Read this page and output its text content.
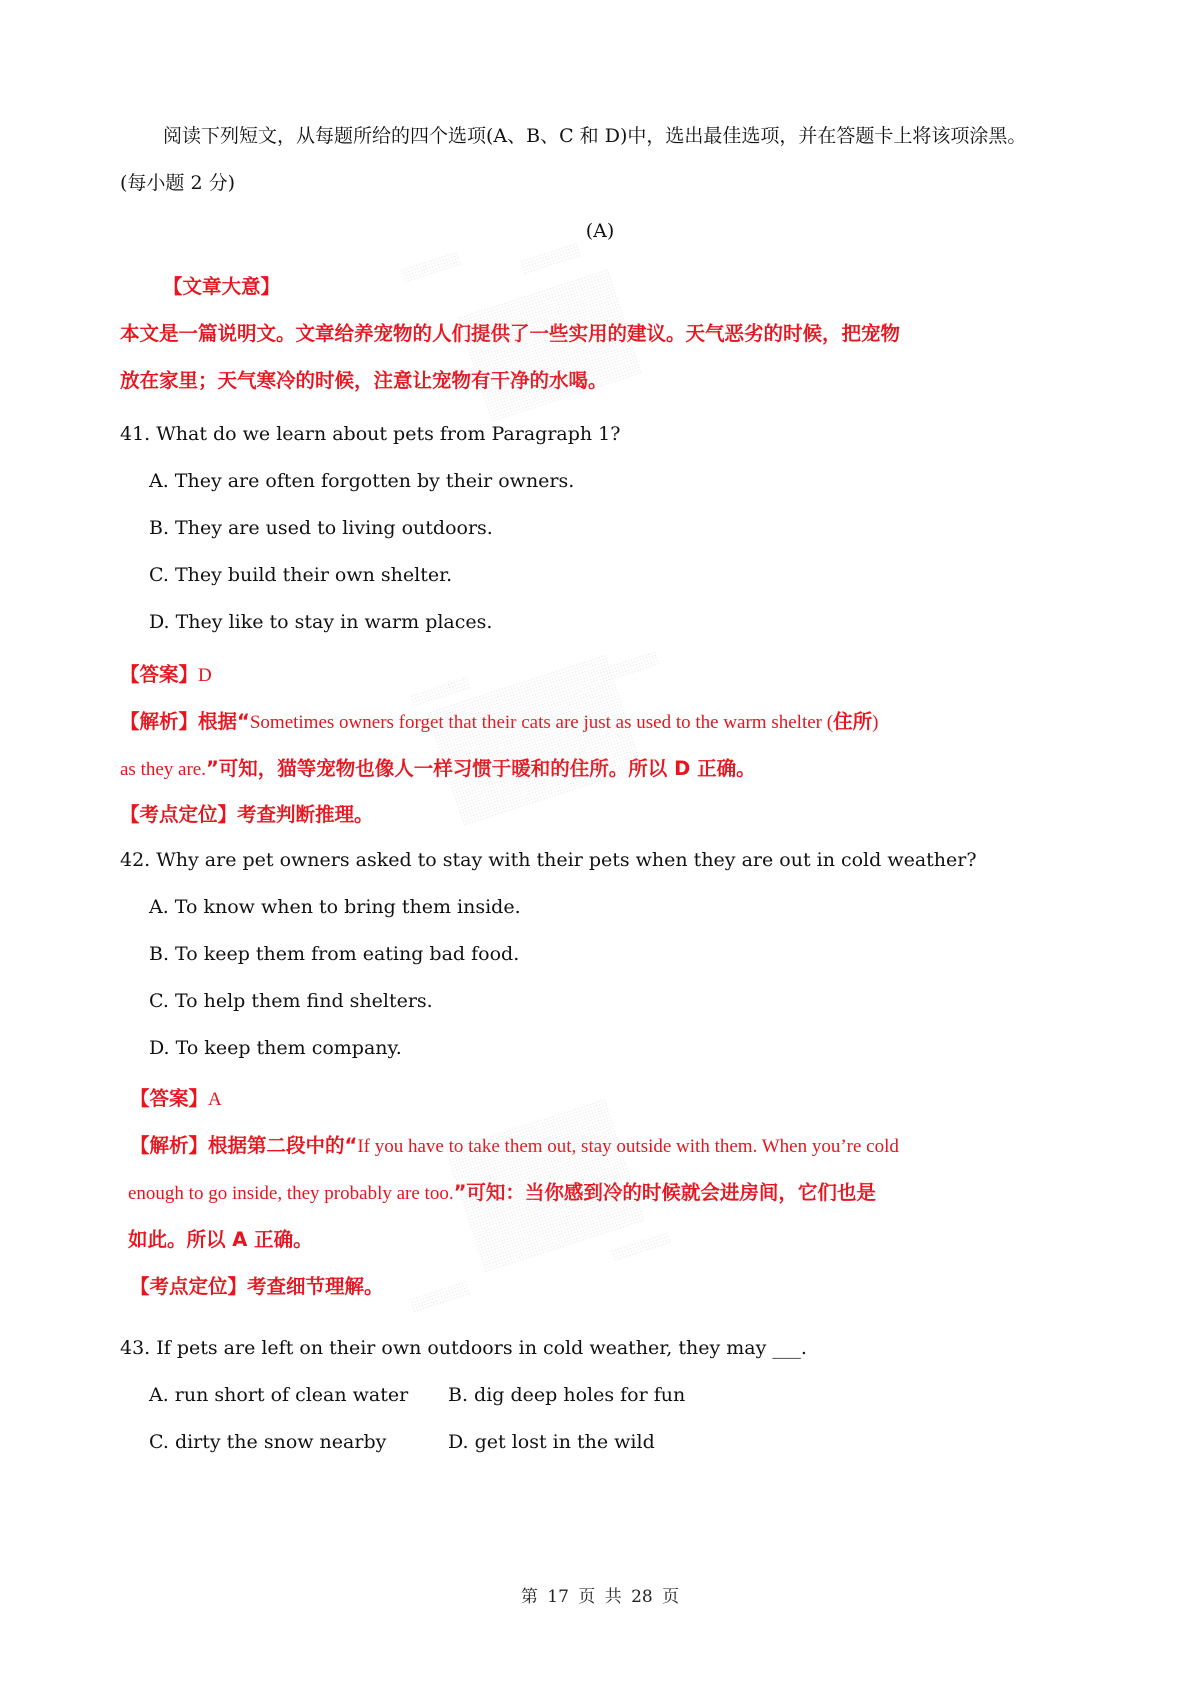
阅读下列短文，从每题所给的四个选项(A、B、C 和 D)中，选出最佳选项，并在答题卡上将该项涂黑。
(每小题 2 分)
(A)
【文章大意】
本文是一篇说明文。文章给养宠物的人们提供了一些实用的建议。天气恶劣的时候，把宠物
放在家里；天气寒冷的时候，注意让宠物有干净的水喝。
41. What do we learn about pets from Paragraph 1?
A. They are often forgotten by their owners.
B. They are used to living outdoors.
C. They build their own shelter.
D. They like to stay in warm places.
【答案】D
【解析】根据“Sometimes owners forget that their cats are just as used to the warm shelter (住所)
as they are.”可知，猫等宠物也像人一样习惯于暖和的住所。所以 D 正确。
【考点定位】考查判断推理。
42. Why are pet owners asked to stay with their pets when they are out in cold weather?
A. To know when to bring them inside.
B. To keep them from eating bad food.
C. To help them find shelters.
D. To keep them company.
【答案】A
【解析】根据第二段中的“If you have to take them out, stay outside with them. When you’re cold
enough to go inside, they probably are too.”可知：当你感到冷的时候就会进房间，它们也是
如此。所以 A 正确。
【考点定位】考查细节理解。
43. If pets are left on their own outdoors in cold weather, they may ___.
A. run short of clean water B. dig deep holes for fun
C. dirty the snow nearby	D. get lost in the wild
第 17 页 共 28 页
